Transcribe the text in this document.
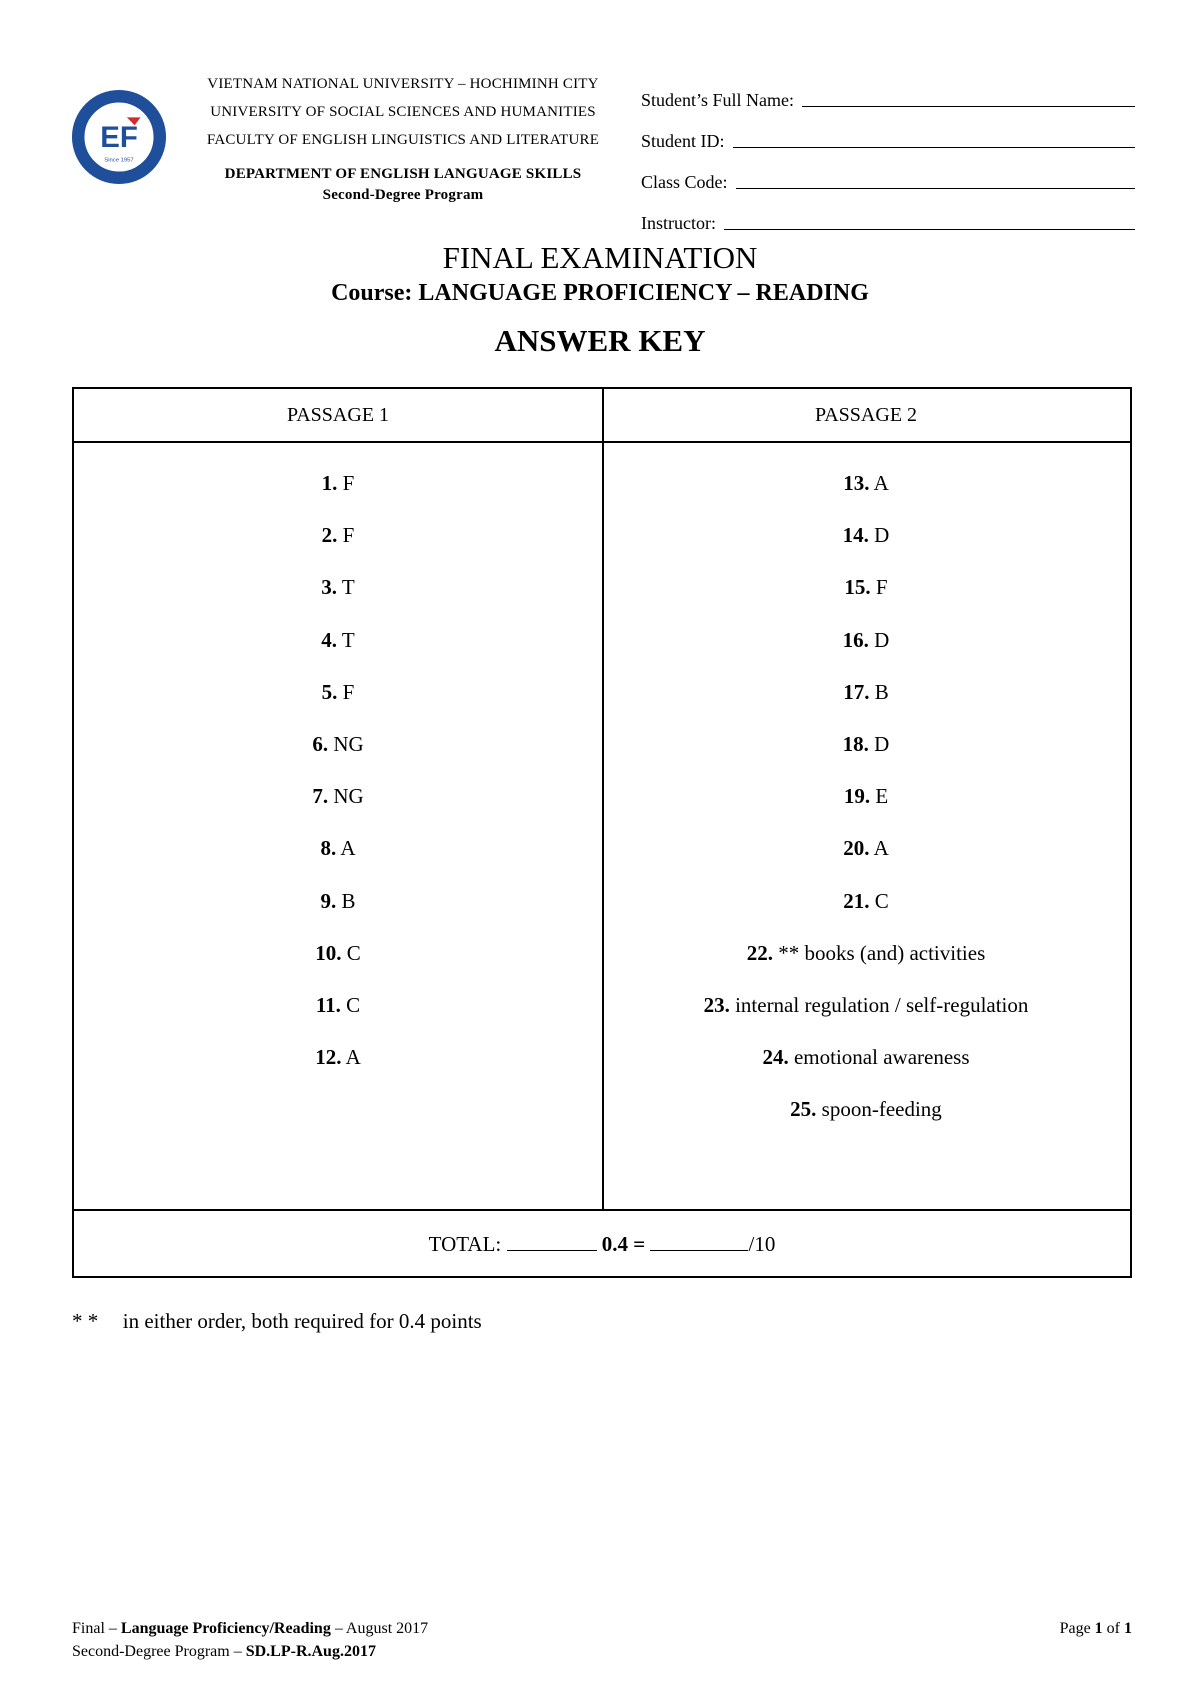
EF
Since 1957
VIETNAM NATIONAL UNIVERSITY – HOCHIMINH CITY
UNIVERSITY OF SOCIAL SCIENCES AND HUMANITIES
FACULTY OF ENGLISH LINGUISTICS AND LITERATURE
DEPARTMENT OF ENGLISH LANGUAGE SKILLS
Second-Degree Program
Student’s Full Name:
Student ID:
Class Code:
Instructor:
FINAL EXAMINATION
Course: LANGUAGE PROFICIENCY – READING
ANSWER KEY
PASSAGE 1	PASSAGE 2
1. F
2. F
3. T
4. T
5. F
6. NG
7. NG
8. A
9. B
10. C
11. C
12. A
13. A
14. D
15. F
16. D
17. B
18. D
19. E
20. A
21. C
22. ** books (and) activities
23. internal regulation / self-regulation
24. emotional awareness
25. spoon-feeding
TOTAL:	0.4 =	/10
* * in either order, both required for 0.4 points
Final – Language Proficiency/Reading – August 2017
Second-Degree Program – SD.LP-R.Aug.2017
Page 1 of 1
